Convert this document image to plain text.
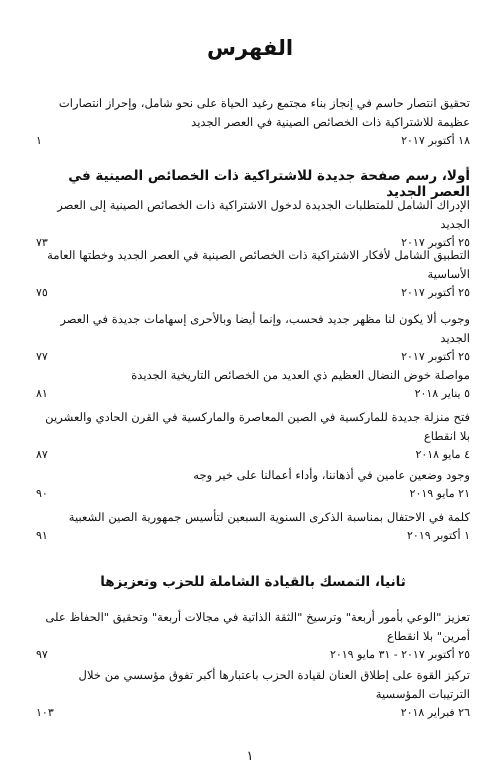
الفهرس
تحقيق انتصار حاسم في إنجاز بناء مجتمع رغيد الحياة على نحو شامل، وإحراز انتصارات عظيمة للاشتراكية ذات الخصائص الصينية في العصر الجديد
١٨ أكتوبر ٢٠١٧
١
أولا، رسم صفحة جديدة للاشتراكية ذات الخصائص الصينية في العصر الجديد
الإدراك الشامل للمتطلبات الجديدة لدخول الاشتراكية ذات الخصائص الصينية إلى العصر الجديد
٢٥ أكتوبر ٢٠١٧
٧٣
التطبيق الشامل لأفكار الاشتراكية ذات الخصائص الصينية في العصر الجديد وخطتها العامة الأساسية
٢٥ أكتوبر ٢٠١٧
٧٥
وجوب ألا يكون لنا مظهر جديد فحسب، وإنما أيضا وبالأحرى إسهامات جديدة في العصر الجديد
٢٥ أكتوبر ٢٠١٧
٧٧
مواصلة خوض النضال العظيم ذي العديد من الخصائص التاريخية الجديدة
٥ يناير ٢٠١٨
٨١
فتح منزلة جديدة للماركسية في الصين المعاصرة والماركسية في القرن الحادي والعشرين بلا انقطاع
٤ مايو ٢٠١٨
٨٧
وجود وضعين عامين في أذهاننا، وأداء أعمالنا على خير وجه
٢١ مايو ٢٠١٩
٩٠
كلمة في الاحتفال بمناسبة الذكرى السنوية السبعين لتأسيس جمهورية الصين الشعبية
١ أكتوبر ٢٠١٩
٩١
ثانيا، التمسك بالقيادة الشاملة للحزب وتعزيزها
تعزيز "الوعي بأمور أربعة" وترسيخ "الثقة الذاتية في مجالات أربعة" وتحقيق "الحفاظ على أمرين" بلا انقطاع
٢٥ أكتوبر ٢٠١٧ - ٣١ مايو ٢٠١٩
٩٧
تركيز القوة على إطلاق العنان لقيادة الحزب باعتبارها أكبر تفوق مؤسسي من خلال الترتيبات المؤسسية
٢٦ فبراير ٢٠١٨
١٠٣
١
